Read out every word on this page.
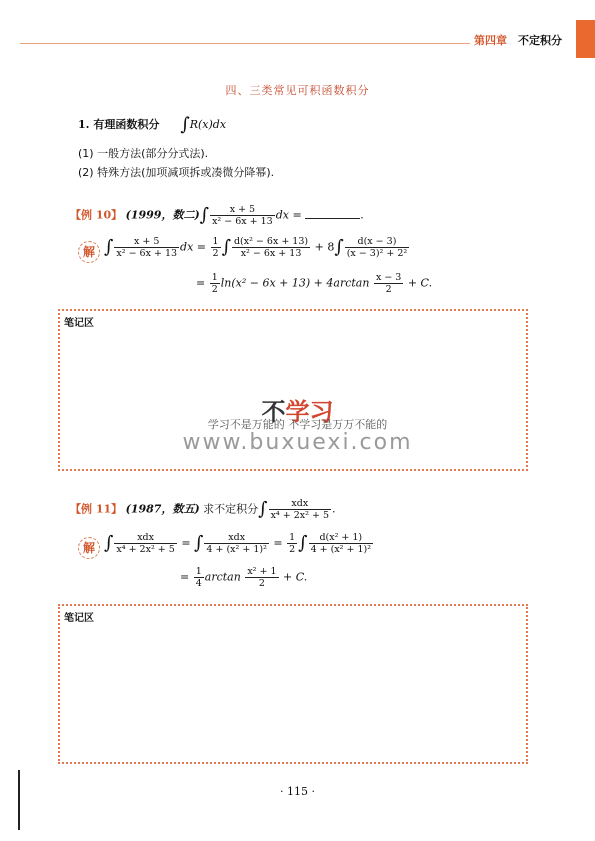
第四章 不定积分
四、三类常见可积函数积分
1. 有理函数积分 ∫R(x)dx
(1) 一般方法(部分分式法).
(2) 特殊方法(加项减项拆或凑微分降幂).
【例 10】 (1999，数二)∫ $\frac{x + 5}{\text{x² − 6x + 13}}$ dx =	.
解 ∫ $\frac{x + 5}{\text{x² − 6x + 13}}$ dx = $\frac{1}{2}$ ∫ $\frac{\text{d(x² − 6x + 13)}}{\text{x² − 6x + 13}} + 8\int \frac{d(x - 3)}{\text{(x − 3)² + 2²}}$
= $\frac{1}{2} \ln(x^2 - 6x + 13) + 4\arctan \frac{x - 3}{2} + C$.
笔记区
不学习
学习不是万能的 不学习是万万不能的
www.buxuexi.com
【例 11】 (1987，数五) 求不定积分∫ $\frac{\text{xdx}}{\text{x⁴ + 2x² + 5}}$ .
解 ∫ $\frac{\text{xdx}}{\text{x⁴ + 2x² + 5}}$ = ∫ $\frac{\text{xdx}}{\text{4 + (x² + 1)²}} = \frac{1}{2}$ ∫ $\frac{\text{d(x² + 1)}}{\text{4 + (x² + 1)²}}$
= $\frac{1}{4}$ $\arctan \frac{\text{x² + 1}}{2} + C$.
笔记区
· 115 ·
